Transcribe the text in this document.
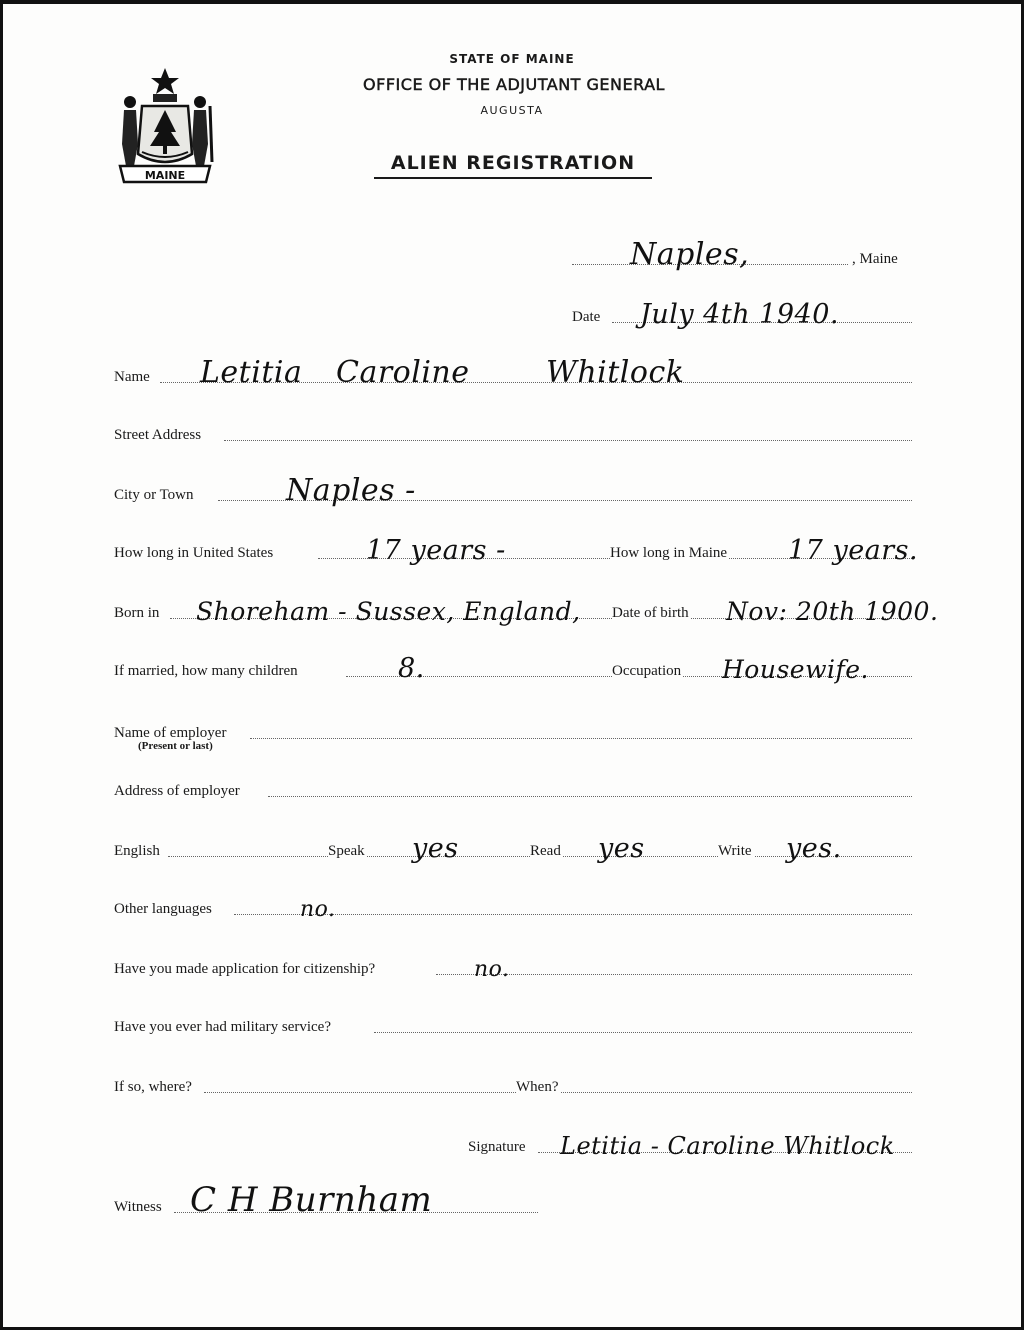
MAINE
STATE OF MAINE
OFFICE OF THE ADJUTANT GENERAL
AUGUSTA
ALIEN REGISTRATION
Naples,	, Maine
Date July 4th 1940.
Name Letitia Caroline	Whitlock
Street Address
City or Town	Naples -
How long in United States	17 years -	How long in Maine 17 years.
Born in Shoreham - Sussex, England, Date of birth Nov: 20th 1900.
If married, how many children	8.	Occupation Housewife.
Name of employer
(Present or last)
Address of employer
English	Speak yes	Read yes	Write yes.
Other languages	no.
Have you made application for citizenship?	no.
Have you ever had military service?
If so, where?	When?
Signature Letitia - Caroline Whitlock
Witness C H Burnham
